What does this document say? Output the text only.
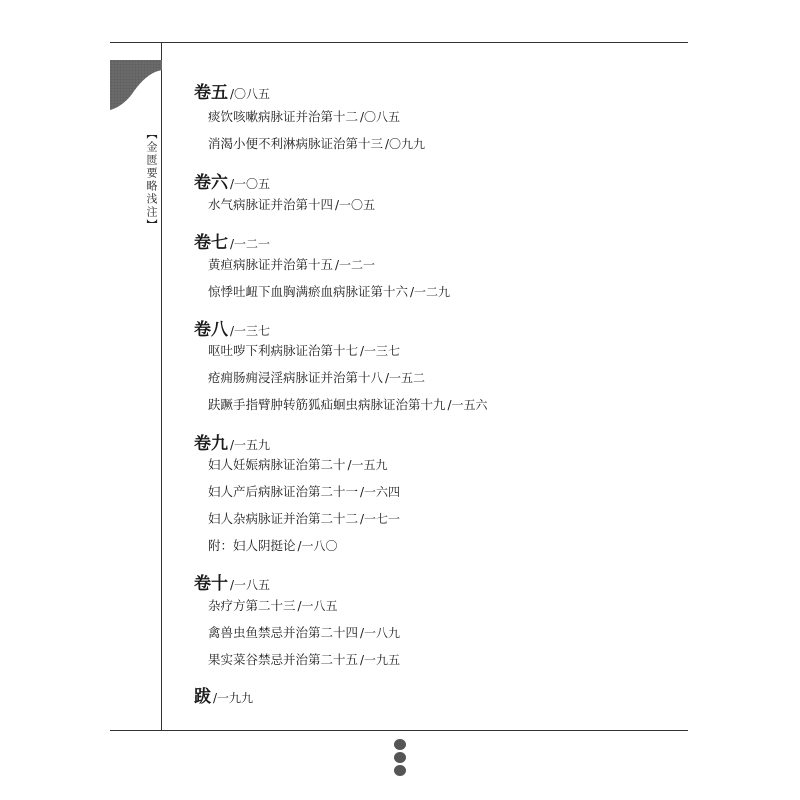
【金匮要略浅注】
卷五 /〇八五
痰饮咳嗽病脉证并治第十二 /〇八五
消渴小便不利淋病脉证治第十三 /〇九九
卷六 /一〇五
水气病脉证并治第十四 /一〇五
卷七 /一二一
黄疸病脉证并治第十五 /一二一
惊悸吐衄下血胸满瘀血病脉证第十六 /一二九
卷八 /一三七
呕吐哕下利病脉证治第十七 /一三七
疮痈肠痈浸淫病脉证并治第十八 /一五二
趺蹶手指臂肿转筋狐疝蛔虫病脉证治第十九 /一五六
卷九 /一五九
妇人妊娠病脉证治第二十 /一五九
妇人产后病脉证治第二十一 /一六四
妇人杂病脉证并治第二十二 /一七一
附：妇人阴挺论 /一八〇
卷十 /一八五
杂疗方第二十三 /一八五
禽兽虫鱼禁忌并治第二十四 /一八九
果实菜谷禁忌并治第二十五 /一九五
跋 /一九九
